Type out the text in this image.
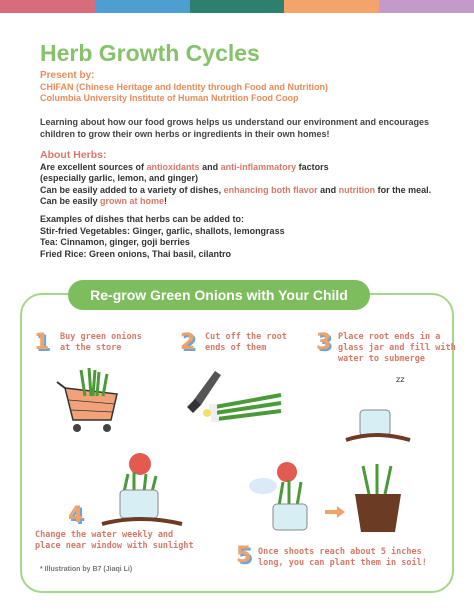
Herb Growth Cycles
Present by:
CHIFAN (Chinese Heritage and Identity through Food and Nutrition)
Columbia University Institute of Human Nutrition Food Coop
Learning about how our food grows helps us understand our environment and encourages children to grow their own herbs or ingredients in their own homes!
About Herbs:
Are excellent sources of antioxidants and anti-inflammatory factors
(especially garlic, lemon, and ginger)
Can be easily added to a variety of dishes, enhancing both flavor and nutrition for the meal.
Can be easily grown at home!
Examples of dishes that herbs can be added to:
Stir-fried Vegetables: Ginger, garlic, shallots, lemongrass
Tea: Cinnamon, ginger, goji berries
Fried Rice: Green onions, Thai basil, cilantro
Re-grow Green Onions with Your Child
1 Buy green onions
at the store	2 Cut off the root
ends of them	3 Place root ends in a
glass jar and fill with
water to submerge
zz
4
Change the water weekly and
place near window with sunlight 5 Once shoots reach about 5 inches
long, you can plant them in soil!
* Illustration by B7 (Jiaqi Li)
